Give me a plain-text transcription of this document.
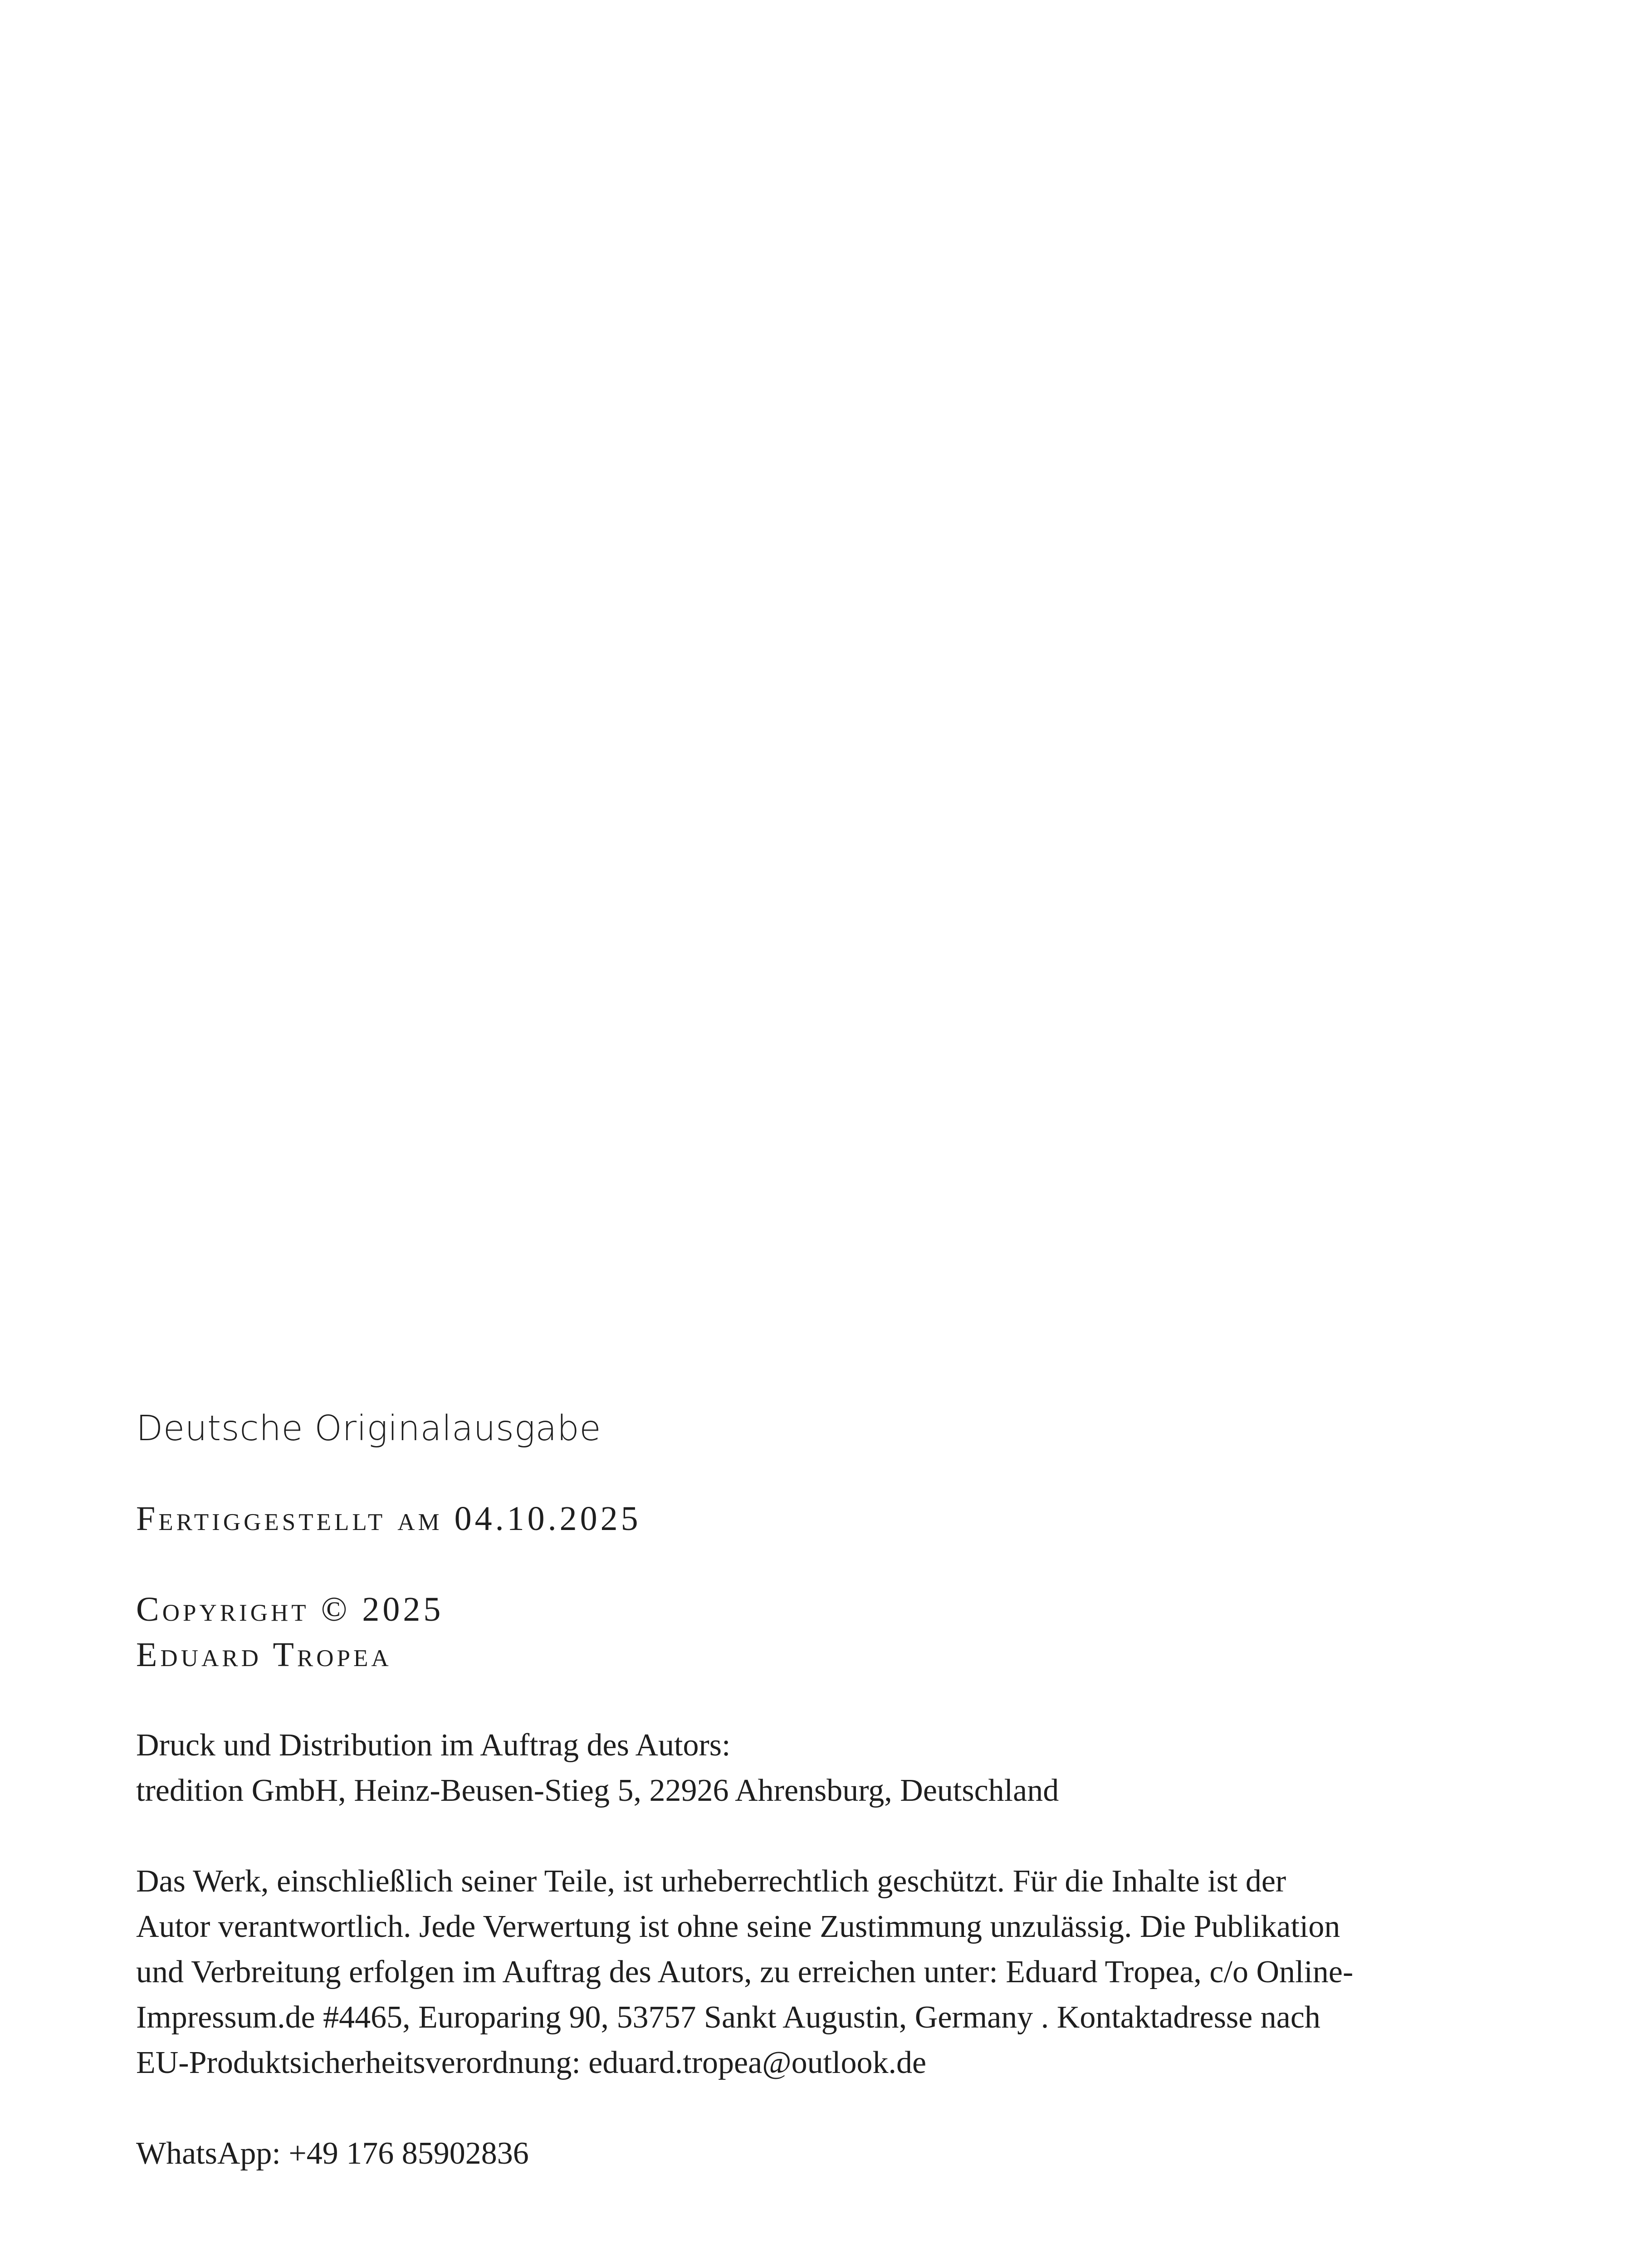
Deutsche Originalausgabe

Fertiggestellt am 04.10.2025

Copyright © 2025

Eduard Tropea

Druck und Distribution im Auftrag des Autors:

tredition GmbH, Heinz-Beusen-Stieg 5, 22926 Ahrensburg, Deutschland

Das Werk, einschließlich seiner Teile, ist urheberrechtlich geschützt. Für die Inhalte ist der

Autor verantwortlich. Jede Verwertung ist ohne seine Zustimmung unzulässig. Die Publikation

und Verbreitung erfolgen im Auftrag des Autors, zu erreichen unter: Eduard Tropea, c/o Online-

Impressum.de #4465, Europaring 90, 53757 Sankt Augustin, Germany . Kontaktadresse nach

EU-Produktsicherheitsverordnung: eduard.tropea@outlook.de

WhatsApp: +49 176 85902836
